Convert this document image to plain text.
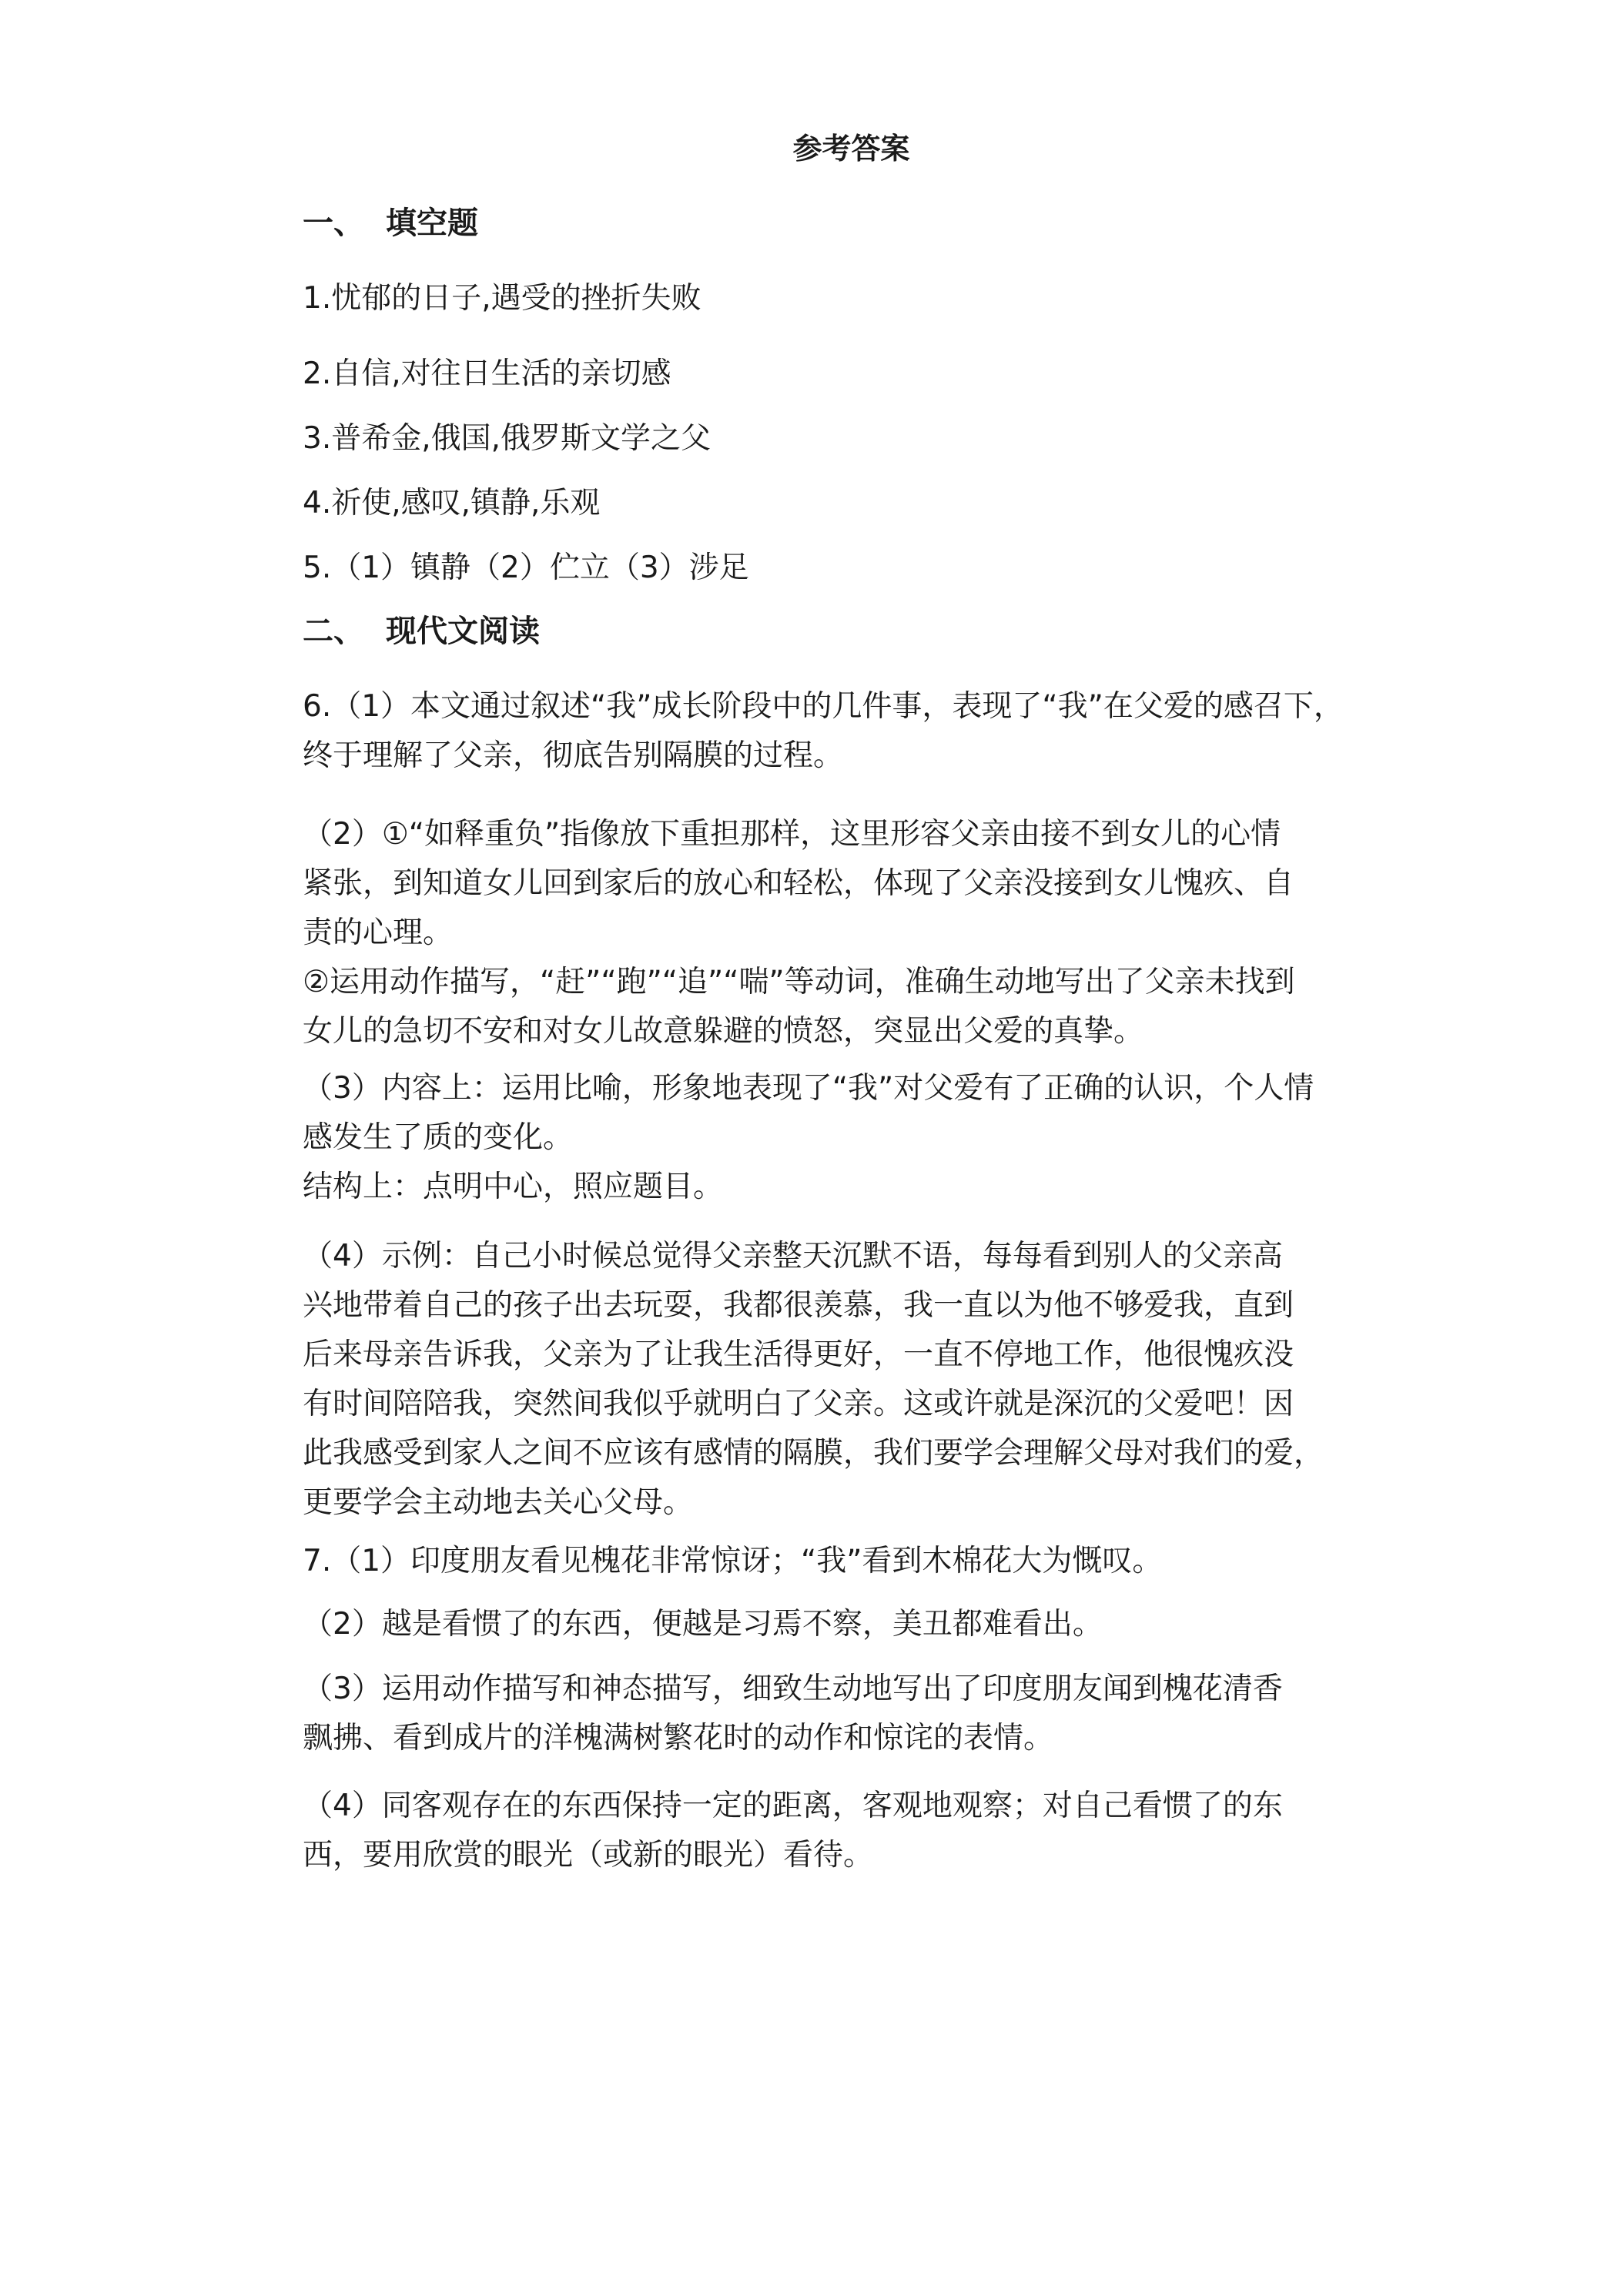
参考答案
一、 填空题
1.忧郁的日子,遇受的挫折失败
2.自信,对往日生活的亲切感
3.普希金,俄国,俄罗斯文学之父
4.祈使,感叹,镇静,乐观
5.（1）镇静（2）伫立（3）涉足
二、 现代文阅读
6.（1）本文通过叙述“我”成长阶段中的几件事，表现了“我”在父爱的感召下，
终于理解了父亲，彻底告别隔膜的过程。
（2）①“如释重负”指像放下重担那样，这里形容父亲由接不到女儿的心情
紧张，到知道女儿回到家后的放心和轻松，体现了父亲没接到女儿愧疚、自
责的心理。
②运用动作描写，“赶”“跑”“追”“喘”等动词，准确生动地写出了父亲未找到
女儿的急切不安和对女儿故意躲避的愤怒，突显出父爱的真挚。
（3）内容上：运用比喻，形象地表现了“我”对父爱有了正确的认识，个人情
感发生了质的变化。
结构上：点明中心，照应题目。
（4）示例：自己小时候总觉得父亲整天沉默不语，每每看到别人的父亲高
兴地带着自己的孩子出去玩耍，我都很羡慕，我一直以为他不够爱我，直到
后来母亲告诉我，父亲为了让我生活得更好，一直不停地工作，他很愧疚没
有时间陪陪我，突然间我似乎就明白了父亲。这或许就是深沉的父爱吧！因
此我感受到家人之间不应该有感情的隔膜，我们要学会理解父母对我们的爱，
更要学会主动地去关心父母。
7.（1）印度朋友看见槐花非常惊讶；“我”看到木棉花大为慨叹。
（2）越是看惯了的东西，便越是习焉不察，美丑都难看出。
（3）运用动作描写和神态描写，细致生动地写出了印度朋友闻到槐花清香
飘拂、看到成片的洋槐满树繁花时的动作和惊诧的表情。
（4）同客观存在的东西保持一定的距离，客观地观察；对自己看惯了的东
西，要用欣赏的眼光（或新的眼光）看待。
